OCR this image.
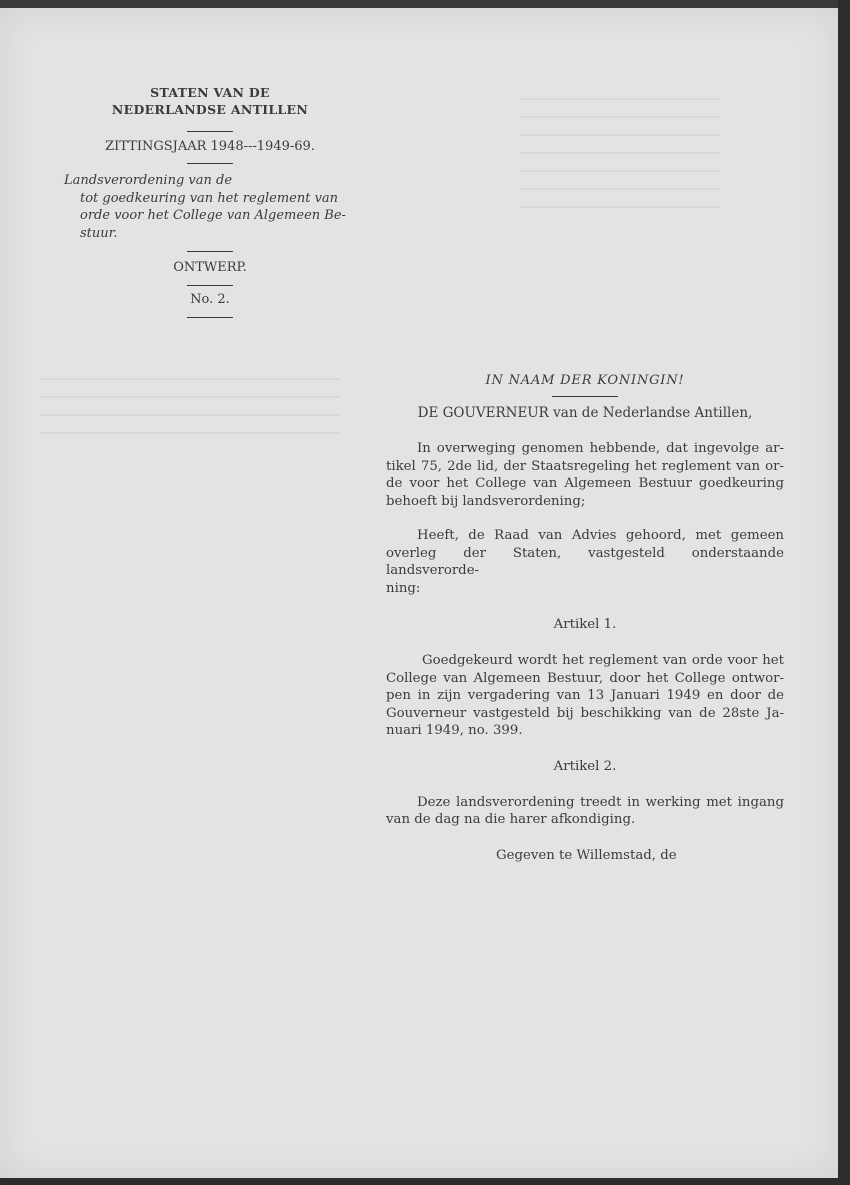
STATEN VAN DE
NEDERLANDSE ANTILLEN
ZITTINGSJAAR 1948---1949-69.
Landsverordening van de
tot goedkeuring van het reglement van
orde voor het College van Algemeen Be-
stuur.
ONTWERP.
No. 2.
IN NAAM DER KONINGIN!
DE GOUVERNEUR van de Nederlandse Antillen,
In overweging genomen hebbende, dat ingevolge ar-
tikel 75, 2de lid, der Staatsregeling het reglement van or-
de voor het College van Algemeen Bestuur goedkeuring
behoeft bij landsverordening;
Heeft, de Raad van Advies gehoord, met gemeen
overleg der Staten, vastgesteld onderstaande landsverorde-
ning:
Artikel 1.
Goedgekeurd wordt het reglement van orde voor het
College van Algemeen Bestuur, door het College ontwor-
pen in zijn vergadering van 13 Januari 1949 en door de
Gouverneur vastgesteld bij beschikking van de 28ste Ja-
nuari 1949, no. 399.
Artikel 2.
Deze landsverordening treedt in werking met ingang
van de dag na die harer afkondiging.
Gegeven te Willemstad, de
